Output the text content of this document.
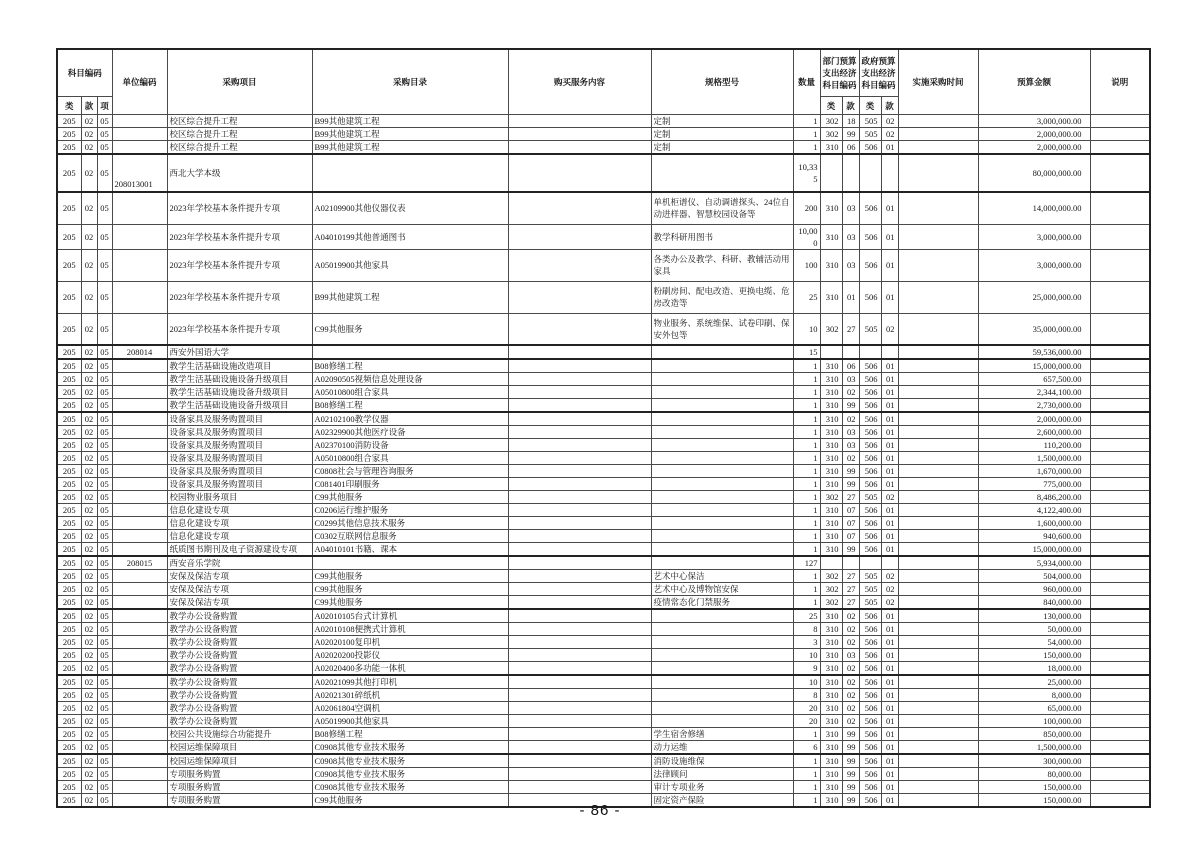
科目编码			单位编码	采购项目	采购目录	购买服务内容	规格型号	数量	部门预算支出经济科目编码		政府预算支出经济科目编码		实施采购时间	预算金额	说明
类	款	项							类	款	类	款			
205	02	05		校区综合提升工程	B99其他建筑工程		定制	1	302	18	505	02		3,000,000.00	
205	02	05		校区综合提升工程	B99其他建筑工程		定制	1	302	99	505	02		2,000,000.00	
205	02	05		校区综合提升工程	B99其他建筑工程		定制	1	310	06	506	01		2,000,000.00	
205	02	05	208013001	西北大学本级				10,335						80,000,000.00	
205	02	05		2023年学校基本条件提升专项	A02109900其他仪器仪表		单机柜谱仪、自动调谱探头、24位自动进样器、智慧校园设备等	200	310	03	506	01		14,000,000.00	
205	02	05		2023年学校基本条件提升专项	A04010199其他普通图书		教学科研用图书	10,000	310	03	506	01		3,000,000.00	
205	02	05		2023年学校基本条件提升专项	A05019900其他家具		各类办公及教学、科研、教辅活动用家具	100	310	03	506	01		3,000,000.00	
205	02	05		2023年学校基本条件提升专项	B99其他建筑工程		粉刷房间、配电改造、更换电缆、危房改造等	25	310	01	506	01		25,000,000.00	
205	02	05		2023年学校基本条件提升专项	C99其他服务		物业服务、系统维保、试卷印刷、保安外包等	10	302	27	505	02		35,000,000.00	
205	02	05	208014	西安外国语大学				15						59,536,000.00	
205	02	05		教学生活基础设施改造项目	B08修缮工程			1	310	06	506	01		15,000,000.00	
205	02	05		教学生活基础设施设备升级项目	A02090505视频信息处理设备			1	310	03	506	01		657,500.00	
205	02	05		教学生活基础设施设备升级项目	A05010800组合家具			1	310	02	506	01		2,344,100.00	
205	02	05		教学生活基础设施设备升级项目	B08修缮工程			1	310	99	506	01		2,730,000.00	
205	02	05		设备家具及服务购置项目	A02102100教学仪器			1	310	02	506	01		2,000,000.00	
205	02	05		设备家具及服务购置项目	A02329900其他医疗设备			1	310	03	506	01		2,600,000.00	
205	02	05		设备家具及服务购置项目	A02370100消防设备			1	310	03	506	01		110,200.00	
205	02	05		设备家具及服务购置项目	A05010800组合家具			1	310	02	506	01		1,500,000.00	
205	02	05		设备家具及服务购置项目	C0808社会与管理咨询服务			1	310	99	506	01		1,670,000.00	
205	02	05		设备家具及服务购置项目	C081401印刷服务			1	310	99	506	01		775,000.00	
205	02	05		校园物业服务项目	C99其他服务			1	302	27	505	02		8,486,200.00	
205	02	05		信息化建设专项	C0206运行维护服务			1	310	07	506	01		4,122,400.00	
205	02	05		信息化建设专项	C0299其他信息技术服务			1	310	07	506	01		1,600,000.00	
205	02	05		信息化建设专项	C0302互联网信息服务			1	310	07	506	01		940,600.00	
205	02	05		纸质图书期刊及电子资源建设专项	A04010101书籍、课本			1	310	99	506	01		15,000,000.00	
205	02	05	208015	西安音乐学院				127						5,934,000.00	
205	02	05		安保及保洁专项	C99其他服务		艺术中心保洁	1	302	27	505	02		504,000.00	
205	02	05		安保及保洁专项	C99其他服务		艺术中心及博物馆安保	1	302	27	505	02		960,000.00	
205	02	05		安保及保洁专项	C99其他服务		疫情常态化门禁服务	1	302	27	505	02		840,000.00	
205	02	05		教学办公设备购置	A02010105台式计算机			25	310	02	506	01		130,000.00	
205	02	05		教学办公设备购置	A02010108便携式计算机			8	310	02	506	01		50,000.00	
205	02	05		教学办公设备购置	A02020100复印机			3	310	02	506	01		54,000.00	
205	02	05		教学办公设备购置	A02020200投影仪			10	310	03	506	01		150,000.00	
205	02	05		教学办公设备购置	A02020400多功能一体机			9	310	02	506	01		18,000.00	
205	02	05		教学办公设备购置	A02021099其他打印机			10	310	02	506	01		25,000.00	
205	02	05		教学办公设备购置	A02021301碎纸机			8	310	02	506	01		8,000.00	
205	02	05		教学办公设备购置	A02061804空调机			20	310	02	506	01		65,000.00	
205	02	05		教学办公设备购置	A05019900其他家具			20	310	02	506	01		100,000.00	
205	02	05		校园公共设施综合功能提升	B08修缮工程		学生宿舍修缮	1	310	99	506	01		850,000.00	
205	02	05		校园运维保障项目	C0908其他专业技术服务		动力运维	6	310	99	506	01		1,500,000.00	
205	02	05		校园运维保障项目	C0908其他专业技术服务		消防设施维保	1	310	99	506	01		300,000.00	
205	02	05		专项服务购置	C0908其他专业技术服务		法律顾问	1	310	99	506	01		80,000.00	
205	02	05		专项服务购置	C0908其他专业技术服务		审计专项业务	1	310	99	506	01		150,000.00	
205	02	05		专项服务购置	C99其他服务		固定资产保险	1	310	99	506	01		150,000.00	
- 86 -
